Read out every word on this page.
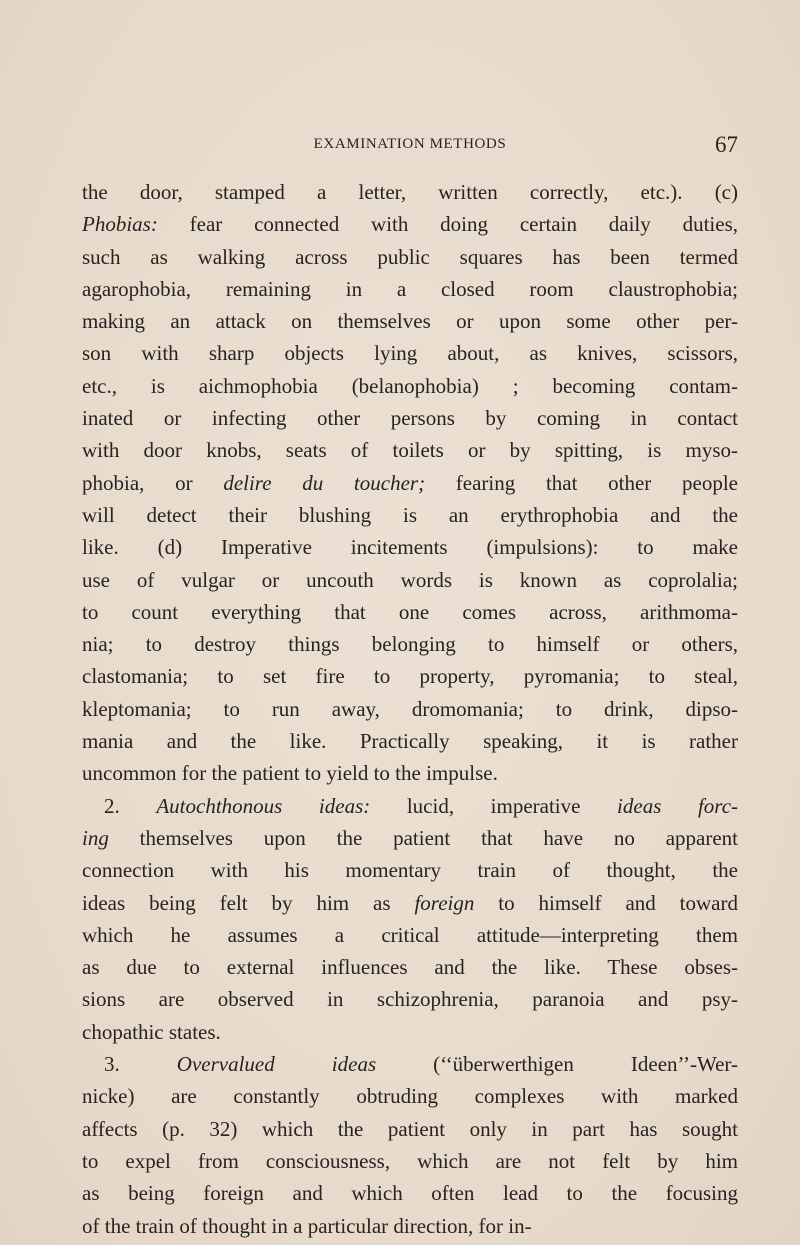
EXAMINATION METHODS	67
the door, stamped a letter, written correctly, etc.). (c)
Phobias: fear connected with doing certain daily duties,
such as walking across public squares has been termed
agarophobia, remaining in a closed room claustrophobia;
making an attack on themselves or upon some other per-
son with sharp objects lying about, as knives, scissors,
etc., is aichmophobia (belanophobia) ; becoming contam-
inated or infecting other persons by coming in contact
with door knobs, seats of toilets or by spitting, is myso-
phobia, or delire du toucher; fearing that other people
will detect their blushing is an erythrophobia and the
like. (d) Imperative incitements (impulsions): to make
use of vulgar or uncouth words is known as coprolalia;
to count everything that one comes across, arithmoma-
nia; to destroy things belonging to himself or others,
clastomania; to set fire to property, pyromania; to steal,
kleptomania; to run away, dromomania; to drink, dipso-
mania and the like. Practically speaking, it is rather
uncommon for the patient to yield to the impulse.
2. Autochthonous ideas: lucid, imperative ideas forc-
ing themselves upon the patient that have no apparent
connection with his momentary train of thought, the
ideas being felt by him as foreign to himself and toward
which he assumes a critical attitude—interpreting them
as due to external influences and the like. These obses-
sions are observed in schizophrenia, paranoia and psy-
chopathic states.
3. Overvalued ideas (‘‘überwerthigen Ideen’’-Wer-
nicke) are constantly obtruding complexes with marked
affects (p. 32) which the patient only in part has sought
to expel from consciousness, which are not felt by him
as being foreign and which often lead to the focusing
of the train of thought in a particular direction, for in-
